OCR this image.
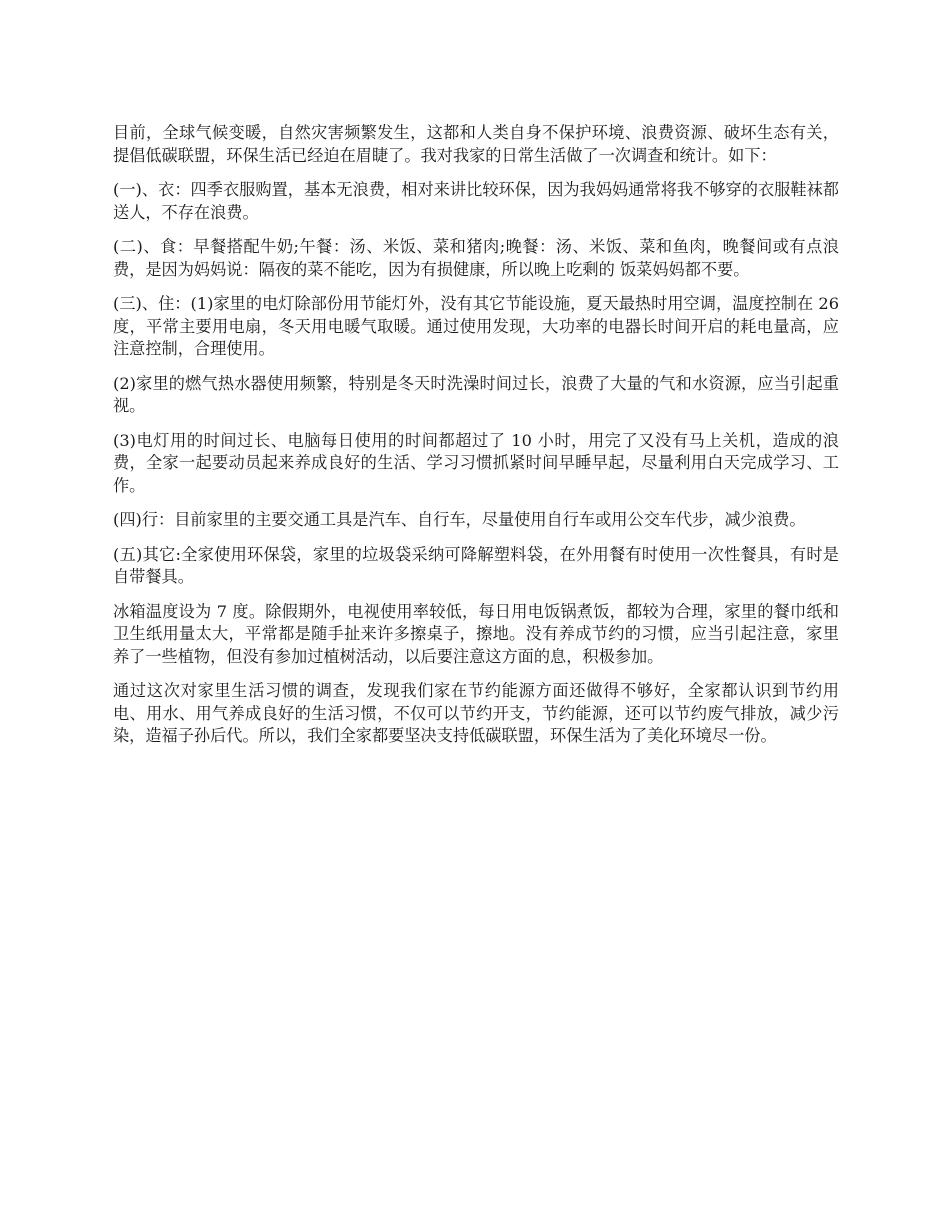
目前，全球气候变暖，自然灾害频繁发生，这都和人类自身不保护环境、浪费资源、破坏生态有关，提倡低碳联盟，环保生活已经迫在眉睫了。我对我家的日常生活做了一次调查和统计。如下：

(一)、衣：四季衣服购置，基本无浪费，相对来讲比较环保，因为我妈妈通常将我不够穿的衣服鞋袜都送人，不存在浪费。

(二)、食：早餐搭配牛奶;午餐：汤、米饭、菜和猪肉;晚餐：汤、米饭、菜和鱼肉，晚餐间或有点浪费，是因为妈妈说：隔夜的菜不能吃，因为有损健康，所以晚上吃剩的 饭菜妈妈都不要。

(三)、住：(1)家里的电灯除部份用节能灯外，没有其它节能设施，夏天最热时用空调，温度控制在 26 度，平常主要用电扇，冬天用电暖气取暖。通过使用发现，大功率的电器长时间开启的耗电量高，应注意控制，合理使用。

(2)家里的燃气热水器使用频繁，特别是冬天时洗澡时间过长，浪费了大量的气和水资源，应当引起重视。

(3)电灯用的时间过长、电脑每日使用的时间都超过了 10 小时，用完了又没有马上关机，造成的浪费，全家一起要动员起来养成良好的生活、学习习惯抓紧时间早睡早起，尽量利用白天完成学习、工作。

(四)行：目前家里的主要交通工具是汽车、自行车，尽量使用自行车或用公交车代步，减少浪费。

(五)其它:全家使用环保袋，家里的垃圾袋采纳可降解塑料袋，在外用餐有时使用一次性餐具，有时是自带餐具。

冰箱温度设为 7 度。除假期外，电视使用率较低，每日用电饭锅煮饭，都较为合理，家里的餐巾纸和卫生纸用量太大，平常都是随手扯来许多擦桌子，擦地。没有养成节约的习惯，应当引起注意，家里养了一些植物，但没有参加过植树活动，以后要注意这方面的息，积极参加。

通过这次对家里生活习惯的调查，发现我们家在节约能源方面还做得不够好，全家都认识到节约用电、用水、用气养成良好的生活习惯，不仅可以节约开支，节约能源，还可以节约废气排放，减少污染，造福子孙后代。所以，我们全家都要坚决支持低碳联盟，环保生活为了美化环境尽一份。
